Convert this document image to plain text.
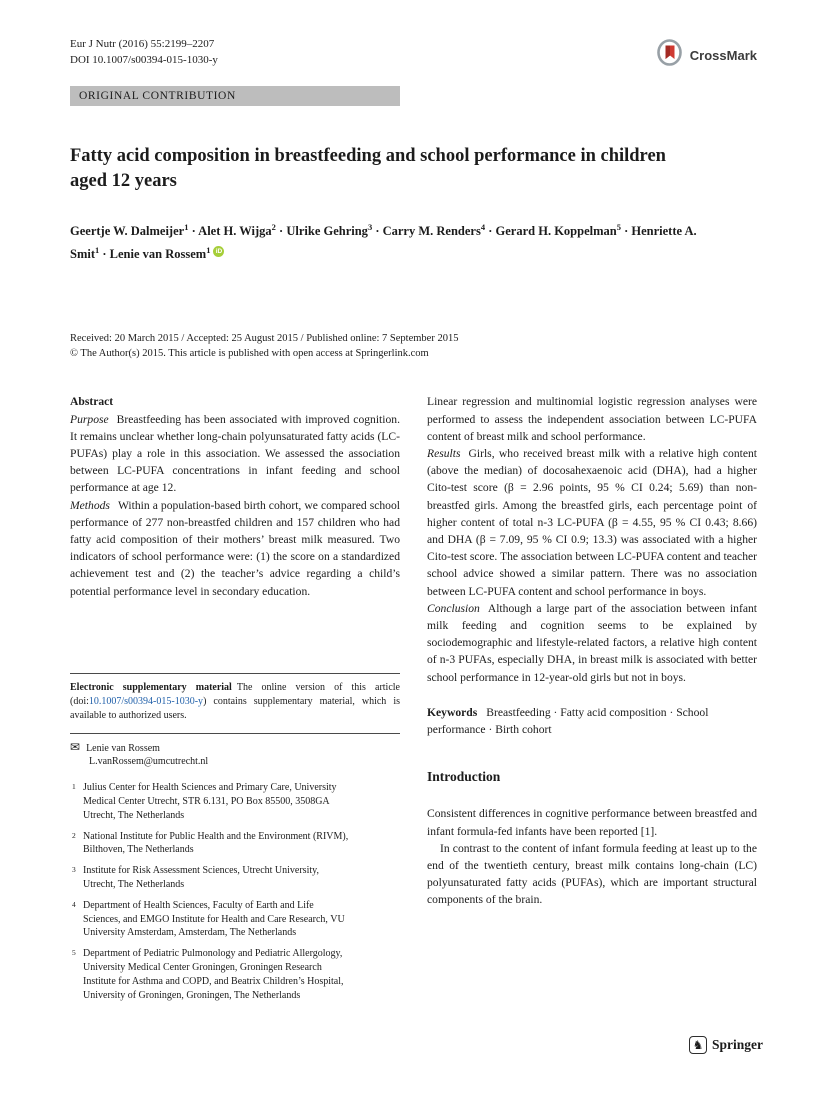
Eur J Nutr (2016) 55:2199–2207
DOI 10.1007/s00394-015-1030-y	CrossMark
ORIGINAL CONTRIBUTION
Fatty acid composition in breastfeeding and school performance in children aged 12 years
Geertje W. Dalmeijer$^1$ · Alet H. Wijga$^2$ · Ulrike Gehring$^3$ · Carry M. Renders$^4$ · Gerard H. Koppelman$^5$ · Henriette A. Smit$^1$ · Lenie van Rossem$^1$ iD
Received: 20 March 2015 / Accepted: 25 August 2015 / Published online: 7 September 2015
© The Author(s) 2015. This article is published with open access at Springerlink.com

Abstract

Purpose Breastfeeding has been associated with improved cognition. It remains unclear whether long-chain polyunsaturated fatty acids (LC-PUFAs) play a role in this association. We assessed the association between LC-PUFA concentrations in infant feeding and school performance at age 12.

Methods Within a population-based birth cohort, we compared school performance of 277 non-breastfed children and 157 children who had fatty acid composition of their mothers’ breast milk measured. Two indicators of school performance were: (1) the score on a standardized achievement test and (2) the teacher’s advice regarding a child’s potential performance level in secondary education.

Electronic supplementary material The online version of this article (doi:10.1007/s00394-015-1030-y) contains supplementary material, which is available to authorized users.

✉ Lenie van Rossem
L.vanRossem@umcutrecht.nl
1 Julius Center for Health Sciences and Primary Care, University Medical Center Utrecht, STR 6.131, PO Box 85500, 3508GA Utrecht, The Netherlands
2 National Institute for Public Health and the Environment (RIVM), Bilthoven, The Netherlands
3 Institute for Risk Assessment Sciences, Utrecht University, Utrecht, The Netherlands
4 Department of Health Sciences, Faculty of Earth and Life Sciences, and EMGO Institute for Health and Care Research, VU University Amsterdam, Amsterdam, The Netherlands
5 Department of Pediatric Pulmonology and Pediatric Allergology, University Medical Center Groningen, Groningen Research Institute for Asthma and COPD, and Beatrix Children’s Hospital, University of Groningen, Groningen, The Netherlands

Linear regression and multinomial logistic regression analyses were performed to assess the independent association between LC-PUFA content of breast milk and school performance.

Results Girls, who received breast milk with a relative high content (above the median) of docosahexaenoic acid (DHA), had a higher Cito-test score (β = 2.96 points, 95 % CI 0.24; 5.69) than non-breastfed girls. Among the breastfed girls, each percentage point of higher content of total n-3 LC-PUFA (β = 4.55, 95 % CI 0.43; 8.66) and DHA (β = 7.09, 95 % CI 0.9; 13.3) was associated with a higher Cito-test score. The association between LC-PUFA content and teacher school advice showed a similar pattern. There was no association between LC-PUFA content and school performance in boys.

Conclusion Although a large part of the association between infant milk feeding and cognition seems to be explained by sociodemographic and lifestyle-related factors, a relative high content of n-3 PUFAs, especially DHA, in breast milk is associated with better school performance in 12-year-old girls but not in boys.

Keywords Breastfeeding · Fatty acid composition · School performance · Birth cohort

Introduction

Consistent differences in cognitive performance between breastfed and infant formula-fed infants have been reported [1].

In contrast to the content of infant formula feeding at least up to the end of the twentieth century, breast milk contains long-chain (LC) polyunsaturated fatty acids (PUFAs), which are important structural components of the brain.

♞ Springer
